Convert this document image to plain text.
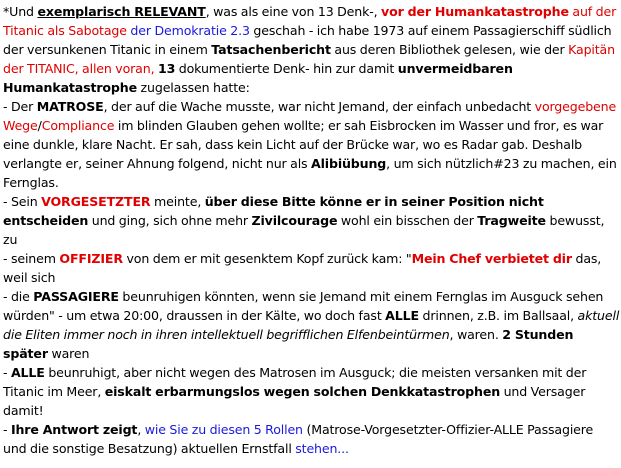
*Und exemplarisch RELEVANT, was als eine von 13 Denk-, vor der Humankatastrophe auf der Titanic als Sabotage der Demokratie 2.3 geschah - ich habe 1973 auf einem Passagierschiff südlich der versunkenen Titanic in einem Tatsachenbericht aus deren Bibliothek gelesen, wie der Kapitän der TITANIC, allen voran, 13 dokumentierte Denk- hin zur damit unvermeidbaren Humankatastrophe zugelassen hatte:

- Der MATROSE, der auf die Wache musste, war nicht Jemand, der einfach unbedacht vorgegebene Wege/Compliance im blinden Glauben gehen wollte; er sah Eisbrocken im Wasser und fror, es war eine dunkle, klare Nacht. Er sah, dass kein Licht auf der Brücke war, wo es Radar gab. Deshalb verlangte er, seiner Ahnung folgend, nicht nur als Alibiübung, um sich nützlich#23 zu machen, ein Fernglas.

- Sein VORGESETZTER meinte, über diese Bitte könne er in seiner Position nicht entscheiden und ging, sich ohne mehr Zivilcourage wohl ein bisschen der Tragweite bewusst, zu

- seinem OFFIZIER von dem er mit gesenktem Kopf zurück kam: "Mein Chef verbietet dir das, weil sich

- die PASSAGIERE beunruhigen könnten, wenn sie Jemand mit einem Fernglas im Ausguck sehen würden" - um etwa 20:00, draussen in der Kälte, wo doch fast ALLE drinnen, z.B. im Ballsaal, aktuell die Eliten immer noch in ihren intellektuell begrifflichen Elfenbeintürmen, waren. 2 Stunden später waren

- ALLE beunruhigt, aber nicht wegen des Matrosen im Ausguck; die meisten versanken mit der Titanic im Meer, eiskalt erbarmungslos wegen solchen Denkkatastrophen und Versager damit!

- Ihre Antwort zeigt, wie Sie zu diesen 5 Rollen (Matrose-Vorgesetzter-Offizier-ALLE Passagiere und die sonstige Besatzung) aktuellen Ernstfall stehen...
